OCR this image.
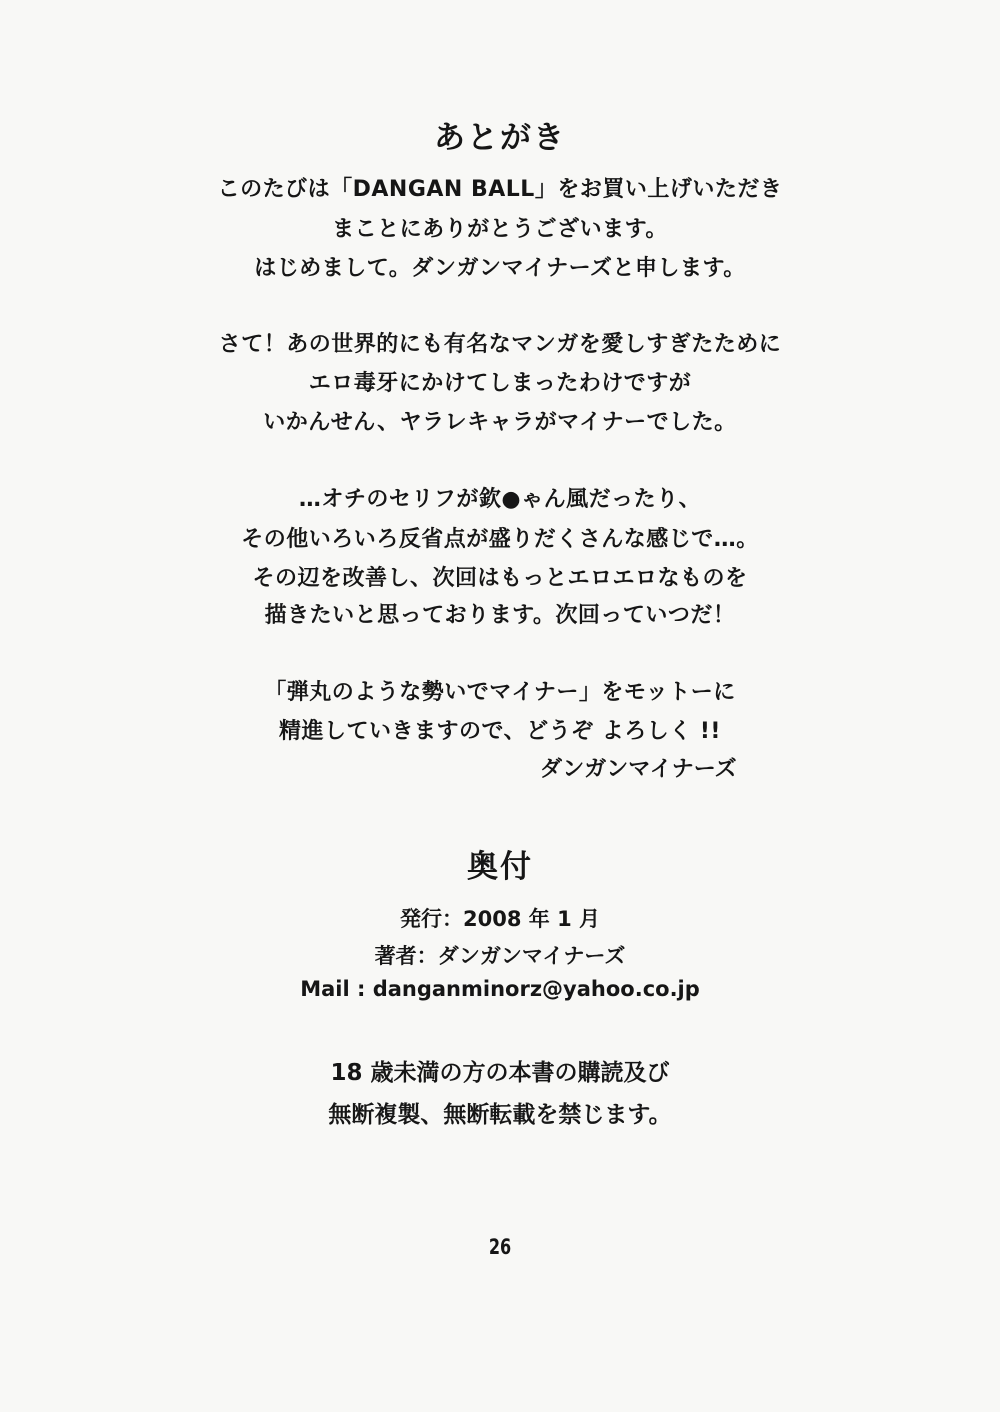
あとがき
このたびは「DANGAN BALL」をお買い上げいただき
まことにありがとうございます。
はじめまして。ダンガンマイナーズと申します。
さて！あの世界的にも有名なマンガを愛しすぎたために
エロ毒牙にかけてしまったわけですが
いかんせん、ヤラレキャラがマイナーでした。
…オチのセリフが欽●ゃん風だったり、
その他いろいろ反省点が盛りだくさんな感じで…。
その辺を改善し、次回はもっとエロエロなものを
描きたいと思っております。次回っていつだ！
「弾丸のような勢いでマイナー」をモットーに
精進していきますので、どうぞ よろしく !!
ダンガンマイナーズ
奥付
発行：2008 年 1 月
著者：ダンガンマイナーズ
Mail : danganminorz@yahoo.co.jp
18 歳未満の方の本書の購読及び
無断複製、無断転載を禁じます。
26
